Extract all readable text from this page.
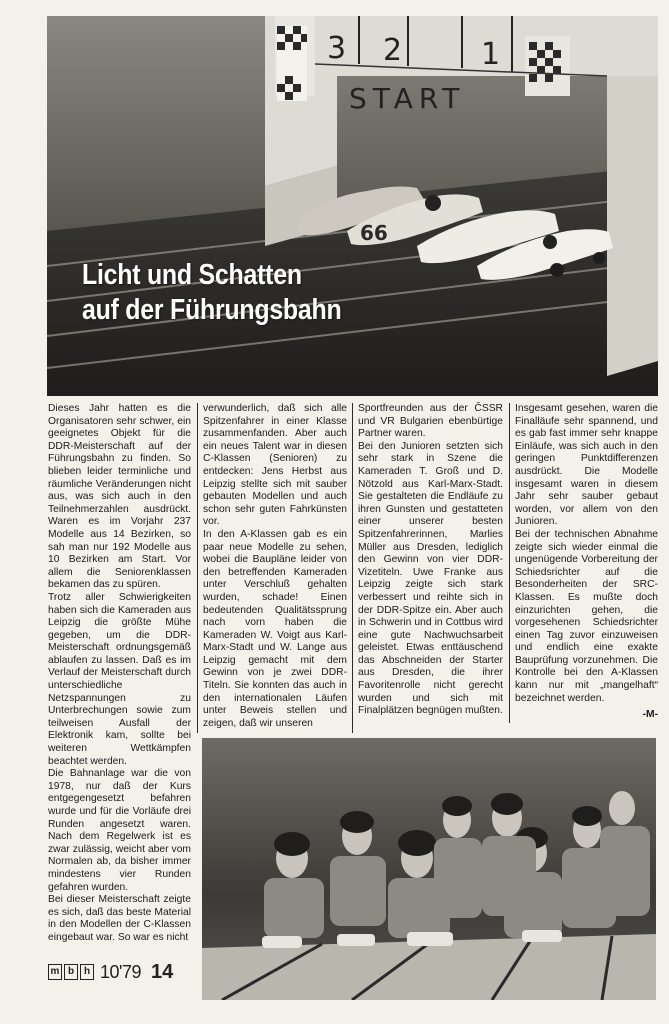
3 2	1
START
66
Licht und Schatten
auf der Führungsbahn

Dieses Jahr hatten es die Organisatoren sehr schwer, ein geeignetes Objekt für die DDR-Meisterschaft auf der Führungsbahn zu finden. So blieben leider terminliche und räumliche Veränderungen nicht aus, was sich auch in den Teilnehmerzahlen ausdrückt. Waren es im Vorjahr 237 Modelle aus 14 Bezirken, so sah man nur 192 Modelle aus 10 Bezirken am Start. Vor allem die Seniorenklassen bekamen das zu spüren.

Trotz aller Schwierigkeiten haben sich die Kameraden aus Leipzig die größte Mühe gegeben, um die DDR-Meisterschaft ordnungsgemäß ablaufen zu lassen. Daß es im Verlauf der Meisterschaft durch unterschiedliche Netzspannungen zu Unterbrechungen sowie zum teilweisen Ausfall der Elektronik kam, sollte bei weiteren Wettkämpfen beachtet werden.

Die Bahnanlage war die von 1978, nur daß der Kurs entgegengesetzt befahren wurde und für die Vorläufe drei Runden angesetzt waren. Nach dem Regelwerk ist es zwar zulässig, weicht aber vom Normalen ab, da bisher immer mindestens vier Runden gefahren wurden.

Bei dieser Meisterschaft zeigte es sich, daß das beste Material in den Modellen der C-Klassen eingebaut war. So war es nicht

verwunderlich, daß sich alle Spitzenfahrer in einer Klasse zusammenfanden. Aber auch ein neues Talent war in diesen C-Klassen (Senioren) zu entdecken: Jens Herbst aus Leipzig stellte sich mit sauber gebauten Modellen und auch schon sehr guten Fahrkünsten vor.

In den A-Klassen gab es ein paar neue Modelle zu sehen, wobei die Baupläne leider von den betreffenden Kameraden unter Verschluß gehalten wurden, schade! Einen bedeutenden Qualitätssprung nach vorn haben die Kameraden W. Voigt aus Karl-Marx-Stadt und W. Lange aus Leipzig gemacht mit dem Gewinn von je zwei DDR-Titeln. Sie konnten das auch in den internationalen Läufen unter Beweis stellen und zeigen, daß wir unseren

Sportfreunden aus der ČSSR und VR Bulgarien ebenbürtige Partner waren.

Bei den Junioren setzten sich sehr stark in Szene die Kameraden T. Groß und D. Nötzold aus Karl-Marx-Stadt. Sie gestalteten die Endläufe zu ihren Gunsten und gestatteten einer unserer besten Spitzenfahrerinnen, Marlies Müller aus Dresden, lediglich den Gewinn von vier DDR-Vizetiteln. Uwe Franke aus Leipzig zeigte sich stark verbessert und reihte sich in der DDR-Spitze ein. Aber auch in Schwerin und in Cottbus wird eine gute Nachwuchsarbeit geleistet. Etwas enttäuschend das Abschneiden der Starter aus Dresden, die ihrer Favoritenrolle nicht gerecht wurden und sich mit Finalplätzen begnügen mußten.

Insgesamt gesehen, waren die Finalläufe sehr spannend, und es gab fast immer sehr knappe Einläufe, was sich auch in den geringen Punktdifferenzen ausdrückt. Die Modelle insgesamt waren in diesem Jahr sehr sauber gebaut worden, vor allem von den Junioren.

Bei der technischen Abnahme zeigte sich wieder einmal die ungenügende Vorbereitung der Schiedsrichter auf die Besonderheiten der SRC-Klassen. Es mußte doch einzurichten gehen, die vorgesehenen Schiedsrichter einen Tag zuvor einzuweisen und endlich eine exakte Bauprüfung vorzunehmen. Die Kontrolle bei den A-Klassen kann nur mit „mangelhaft“ bezeichnet werden.

-M-

m b h 10'79 14
